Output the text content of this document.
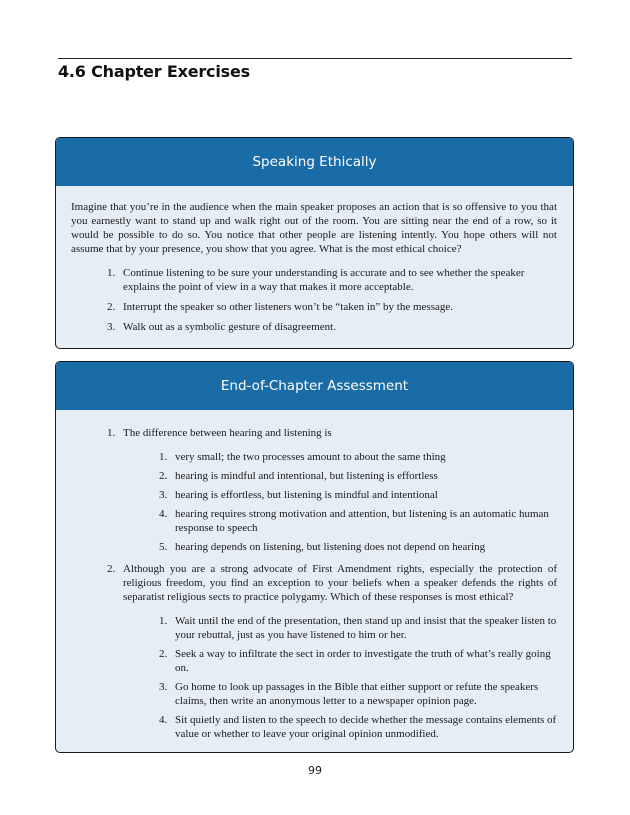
4.6 Chapter Exercises
Speaking Ethically

Imagine that you’re in the audience when the main speaker proposes an action that is so offensive to you that you earnestly want to stand up and walk right out of the room. You are sitting near the end of a row, so it would be possible to do so. You notice that other people are listening intently. You hope others will not assume that by your presence, you show that you agree. What is the most ethical choice?

1. Continue listening to be sure your understanding is accurate and to see whether the speaker explains the point of view in a way that makes it more acceptable.
2. Interrupt the speaker so other listeners won’t be “taken in” by the message.
3. Walk out as a symbolic gesture of disagreement.
End-of-Chapter Assessment
1. The difference between hearing and listening is
1. very small; the two processes amount to about the same thing
2. hearing is mindful and intentional, but listening is effortless
3. hearing is effortless, but listening is mindful and intentional
4. hearing requires strong motivation and attention, but listening is an automatic human response to speech
5. hearing depends on listening, but listening does not depend on hearing
2. Although you are a strong advocate of First Amendment rights, especially the protection of religious freedom, you find an exception to your beliefs when a speaker defends the rights of separatist religious sects to practice polygamy. Which of these responses is most ethical?
1. Wait until the end of the presentation, then stand up and insist that the speaker listen to your rebuttal, just as you have listened to him or her.
2. Seek a way to infiltrate the sect in order to investigate the truth of what’s really going on.
3. Go home to look up passages in the Bible that either support or refute the speakers claims, then write an anonymous letter to a newspaper opinion page.
4. Sit quietly and listen to the speech to decide whether the message contains elements of value or whether to leave your original opinion unmodified.
99
